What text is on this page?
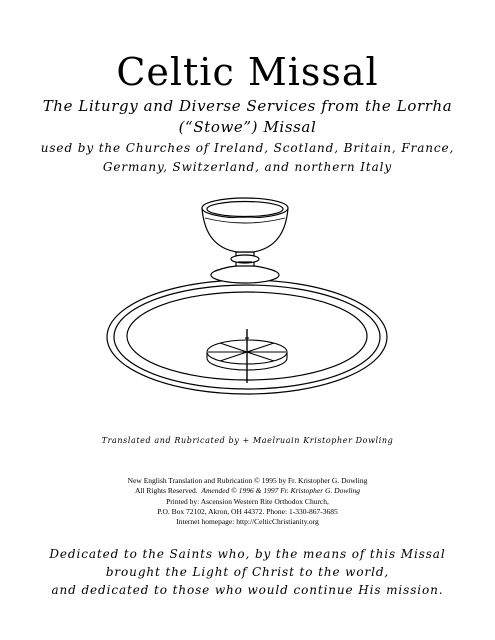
Celtic Missal
The Liturgy and Diverse Services from the Lorrha
(“Stowe”) Missal
used by the Churches of Ireland, Scotland, Britain, France,
Germany, Switzerland, and northern Italy
Translated and Rubricated by + Maelruain Kristopher Dowling
New English Translation and Rubrication © 1995 by Fr. Kristopher G. Dowling
All Rights Reserved. Amended © 1996 & 1997 Fr. Kristopher G. Dowling
Printed by: Ascension Western Rite Orthodox Church,
P.O. Box 72102, Akron, OH 44372. Phone: 1-330-867-3685
Internet homepage: http://CelticChristianity.org
Dedicated to the Saints who, by the means of this Missal
brought the Light of Christ to the world,
and dedicated to those who would continue His mission.
